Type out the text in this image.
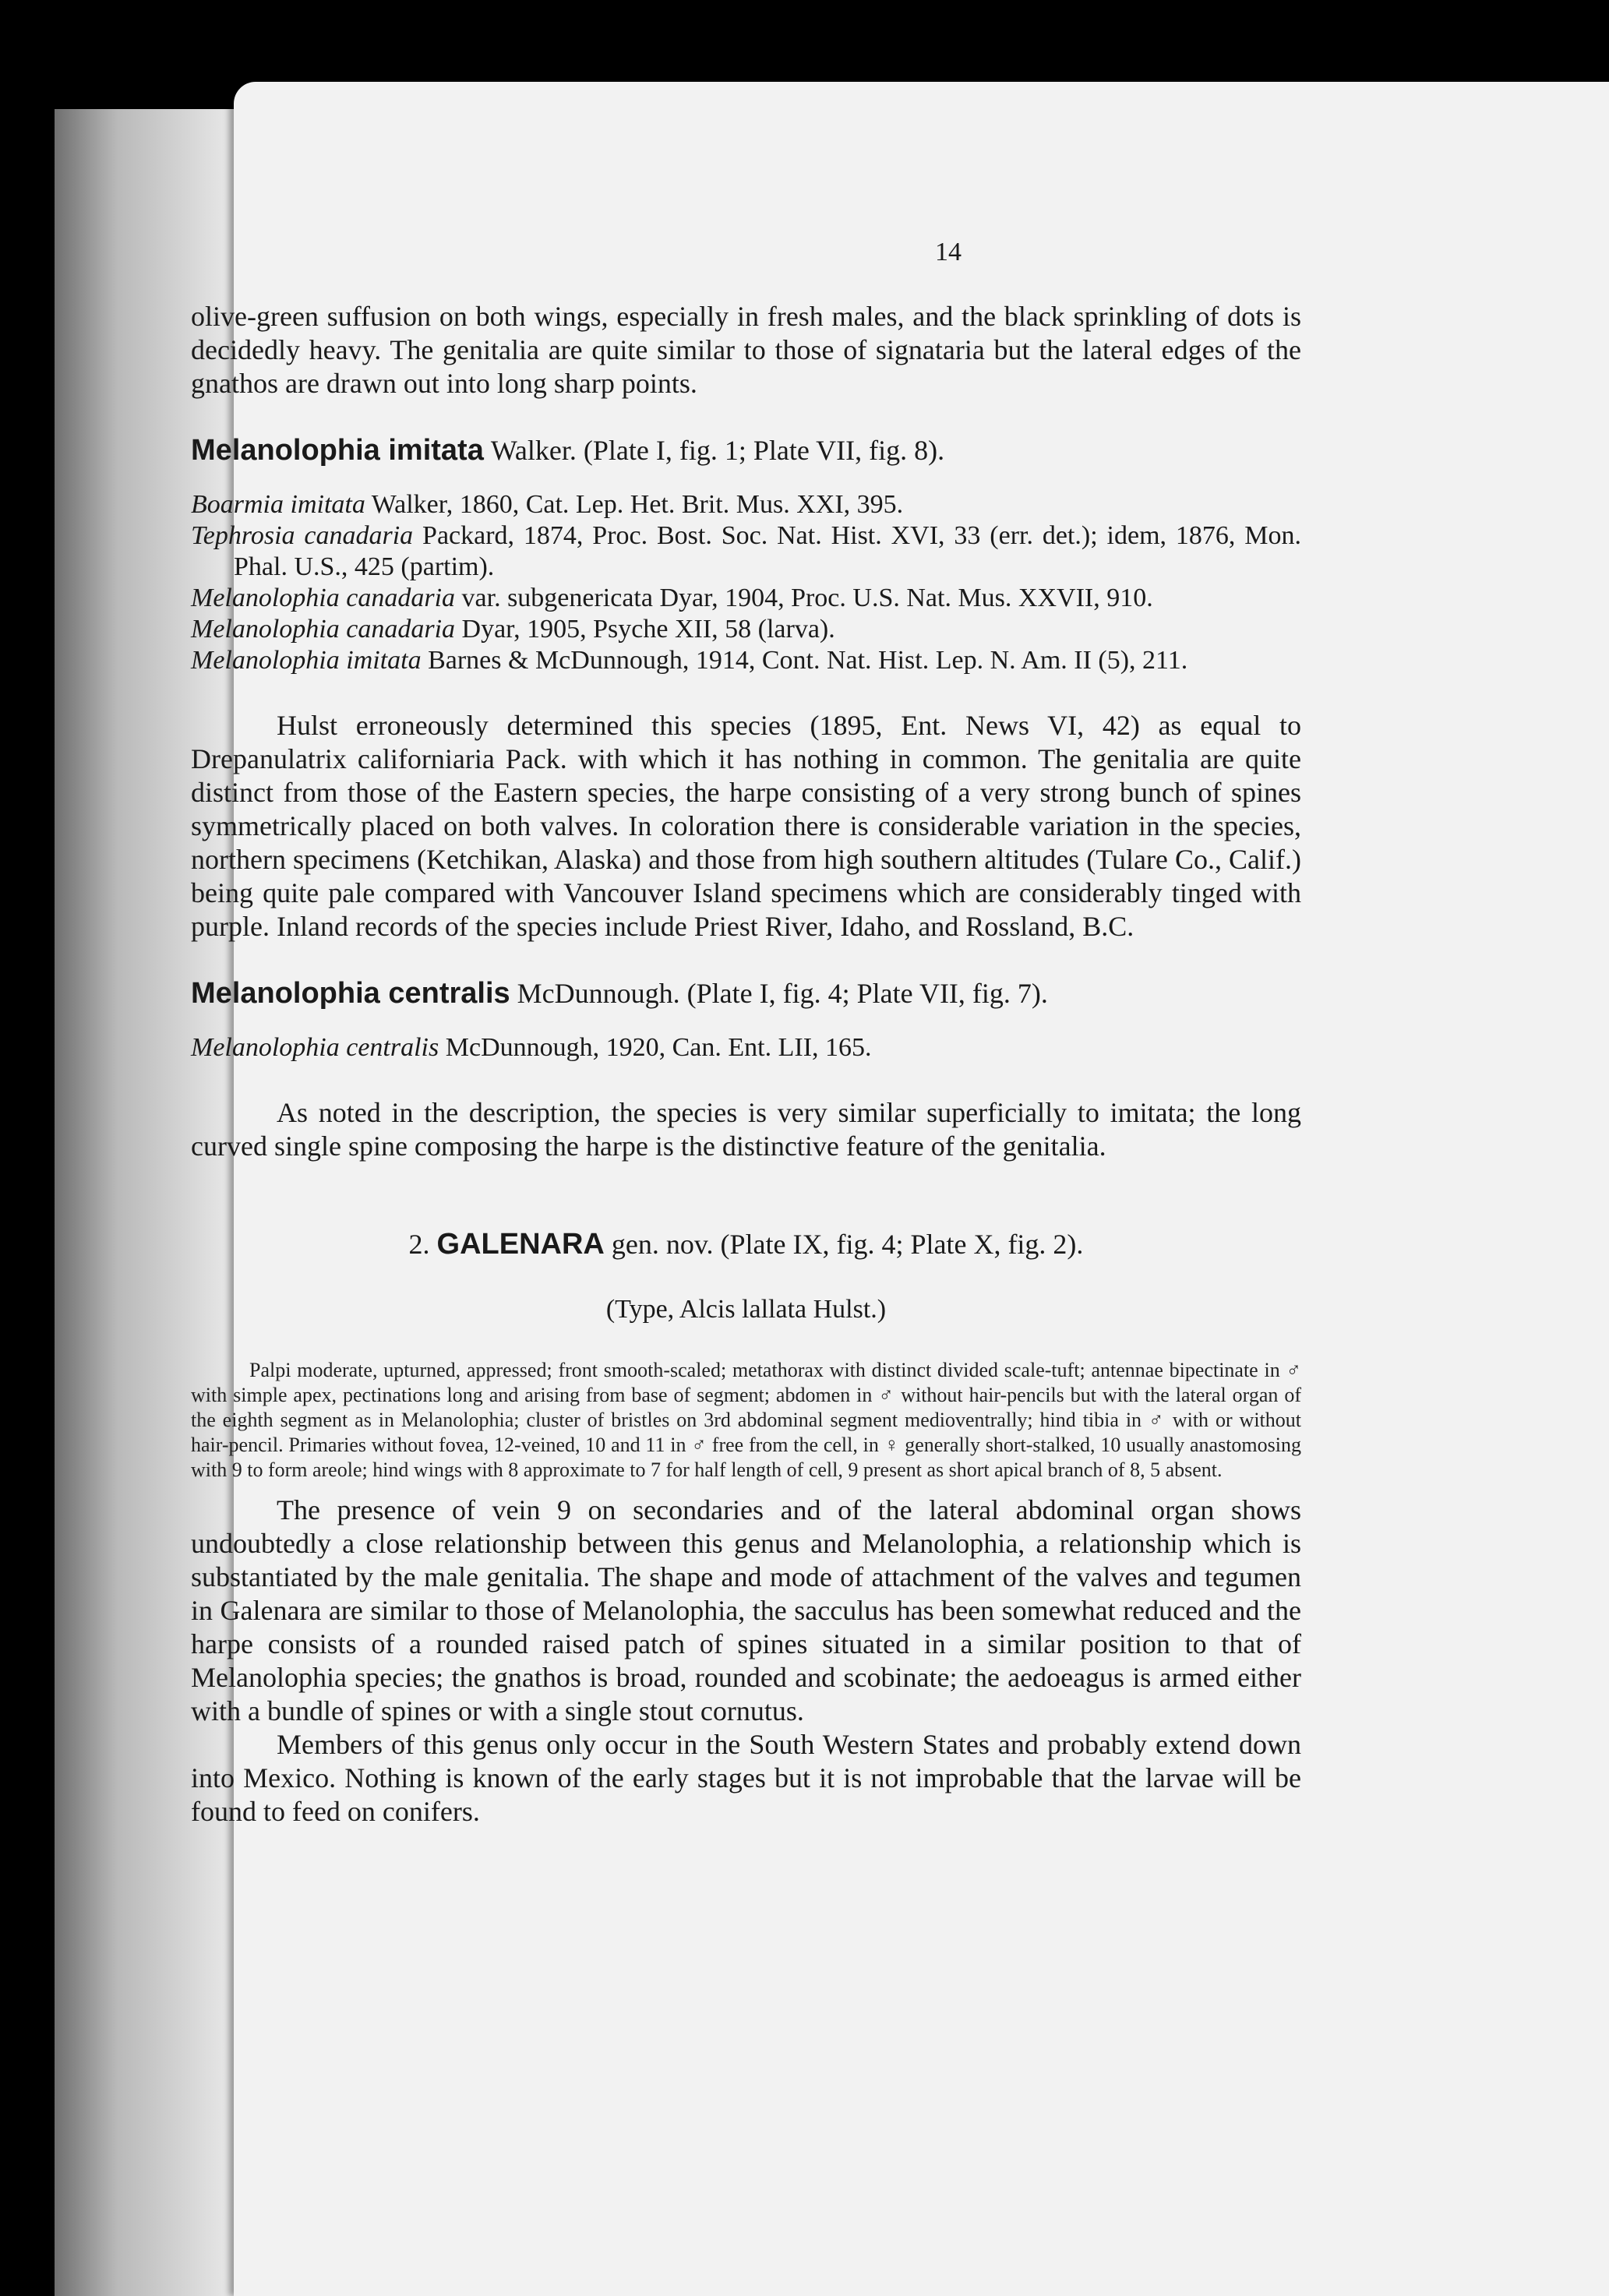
14

olive-green suffusion on both wings, especially in fresh males, and the black sprinkling of dots is decidedly heavy. The genitalia are quite similar to those of signataria but the lateral edges of the gnathos are drawn out into long sharp points.

Melanolophia imitata Walker. (Plate I, fig. 1; Plate VII, fig. 8).

Boarmia imitata Walker, 1860, Cat. Lep. Het. Brit. Mus. XXI, 395.

Tephrosia canadaria Packard, 1874, Proc. Bost. Soc. Nat. Hist. XVI, 33 (err. det.); idem, 1876, Mon. Phal. U.S., 425 (partim).

Melanolophia canadaria var. subgenericata Dyar, 1904, Proc. U.S. Nat. Mus. XXVII, 910.

Melanolophia canadaria Dyar, 1905, Psyche XII, 58 (larva).

Melanolophia imitata Barnes & McDunnough, 1914, Cont. Nat. Hist. Lep. N. Am. II (5), 211.

Hulst erroneously determined this species (1895, Ent. News VI, 42) as equal to Drepanulatrix californiaria Pack. with which it has nothing in common. The genitalia are quite distinct from those of the Eastern species, the harpe consisting of a very strong bunch of spines symmetrically placed on both valves. In coloration there is considerable variation in the species, northern specimens (Ketchikan, Alaska) and those from high southern altitudes (Tulare Co., Calif.) being quite pale compared with Vancouver Island specimens which are considerably tinged with purple. Inland records of the species include Priest River, Idaho, and Rossland, B.C.

Melanolophia centralis McDunnough. (Plate I, fig. 4; Plate VII, fig. 7).

Melanolophia centralis McDunnough, 1920, Can. Ent. LII, 165.

As noted in the description, the species is very similar superficially to imitata; the long curved single spine composing the harpe is the distinctive feature of the genitalia.

2. GALENARA gen. nov. (Plate IX, fig. 4; Plate X, fig. 2).

(Type, Alcis lallata Hulst.)

Palpi moderate, upturned, appressed; front smooth-scaled; metathorax with distinct divided scale-tuft; antennae bipectinate in ♂ with simple apex, pectinations long and arising from base of segment; abdomen in ♂ without hair-pencils but with the lateral organ of the eighth segment as in Melanolophia; cluster of bristles on 3rd abdominal segment medioventrally; hind tibia in ♂ with or without hair-pencil. Primaries without fovea, 12-veined, 10 and 11 in ♂ free from the cell, in ♀ generally short-stalked, 10 usually anastomosing with 9 to form areole; hind wings with 8 approximate to 7 for half length of cell, 9 present as short apical branch of 8, 5 absent.

The presence of vein 9 on secondaries and of the lateral abdominal organ shows undoubtedly a close relationship between this genus and Melanolophia, a relationship which is substantiated by the male genitalia. The shape and mode of attachment of the valves and tegumen in Galenara are similar to those of Melanolophia, the sacculus has been somewhat reduced and the harpe consists of a rounded raised patch of spines situated in a similar position to that of Melanolophia species; the gnathos is broad, rounded and scobinate; the aedoeagus is armed either with a bundle of spines or with a single stout cornutus.

Members of this genus only occur in the South Western States and probably extend down into Mexico. Nothing is known of the early stages but it is not improbable that the larvae will be found to feed on conifers.
